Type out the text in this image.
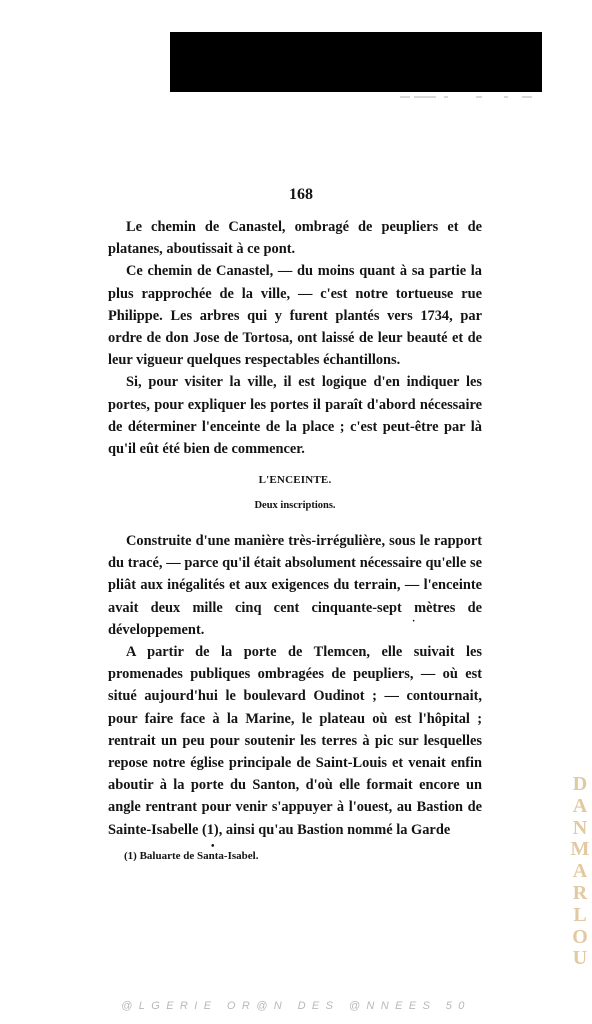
168

Le chemin de Canastel, ombragé de peupliers et de platanes, aboutissait à ce pont.

Ce chemin de Canastel, — du moins quant à sa partie la plus rapprochée de la ville, — c'est notre tortueuse rue Philippe. Les arbres qui y furent plantés vers 1734, par ordre de don Jose de Tortosa, ont laissé de leur beauté et de leur vigueur quelques respectables échantillons.

Si, pour visiter la ville, il est logique d'en indiquer les portes, pour expliquer les portes il paraît d'abord nécessaire de déterminer l'enceinte de la place ; c'est peut-être par là qu'il eût été bien de commencer.

L'ENCEINTE.
Deux inscriptions.

Construite d'une manière très-irrégulière, sous le rapport du tracé, — parce qu'il était absolument nécessaire qu'elle se pliât aux inégalités et aux exigences du terrain, — l'enceinte avait deux mille cinq cent cinquante-sept mètres de développement.

A partir de la porte de Tlemcen, elle suivait les promenades publiques ombragées de peupliers, — où est situé aujourd'hui le boulevard Oudinot ; — contournait, pour faire face à la Marine, le plateau où est l'hôpital ; rentrait un peu pour soutenir les terres à pic sur lesquelles repose notre église principale de Saint-Louis et venait enfin aboutir à la porte du Santon, d'où elle formait encore un angle rentrant pour venir s'appuyer à l'ouest, au Bastion de Sainte-Isabelle (1), ainsi qu'au Bastion nommé la Garde

·
•
(1) Baluarte de Santa-Isabel.
D
A
N
M
A
R
L
O
U
@LGERIE OR@N DES @NNEES 50
